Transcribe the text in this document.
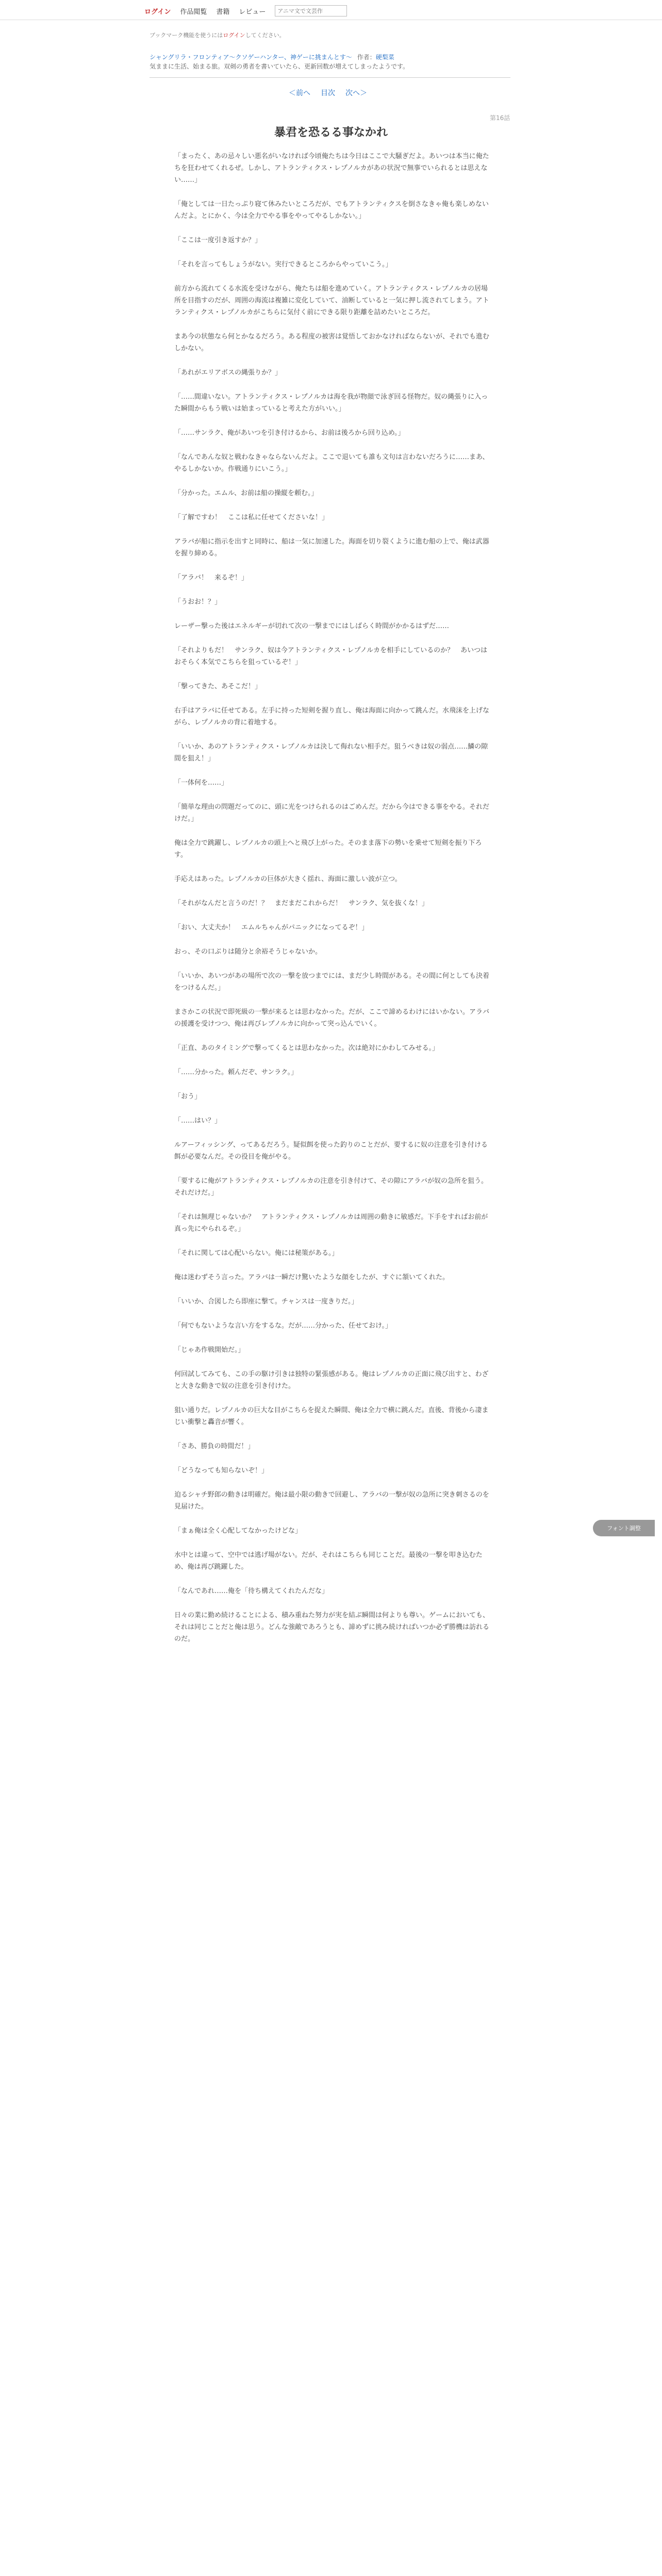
ログイン 作品閲覧 書籍 レビュー
アニマ文で文芸作
ブックマーク機能を使うにはログインしてください。
シャングリラ・フロンティア〜クソゲーハンター、神ゲーに挑まんとす〜 作者：硬梨菜
気ままに生活、始まる旅。双剣の勇者を書いていたら、更新回数が増えてしまったようです。
＜前へ 目次 次へ＞
第16話
暴君を恐るる事なかれ

「まったく、あの忌々しい悪名がいなければ今頃俺たちは今日はここで大騒ぎだよ。あいつは本当に俺たちを狂わせてくれるぜ。しかし、アトランティクス・レプノルカがあの状況で無事でいられるとは思えない……」

「俺としては一日たっぷり寝て休みたいところだが、でもアトランティクスを倒さなきゃ俺も楽しめないんだよ。とにかく、今は全力でやる事をやってやるしかない。」

「ここは一度引き返すか？」

「それを言ってもしょうがない。実行できるところからやっていこう。」

前方から流れてくる水流を受けながら、俺たちは船を進めていく。アトランティクス・レプノルカの居場所を目指すのだが、周囲の海流は複雑に変化していて、油断していると一気に押し流されてしまう。アトランティクス・レプノルカがこちらに気付く前にできる限り距離を詰めたいところだ。

まあ今の状態なら何とかなるだろう。ある程度の被害は覚悟しておかなければならないが、それでも進むしかない。

「あれがエリアボスの縄張りか？」

「……間違いない。アトランティクス・レプノルカは海を我が物顔で泳ぎ回る怪物だ。奴の縄張りに入った瞬間からもう戦いは始まっていると考えた方がいい。」

「……サンラク、俺があいつを引き付けるから、お前は後ろから回り込め。」

「なんであんな奴と戦わなきゃならないんだよ。ここで退いても誰も文句は言わないだろうに……まあ、やるしかないか。作戦通りにいこう。」

「分かった。エムル、お前は船の操縦を頼む。」

「了解ですわ！　ここは私に任せてくださいな！」

アラバが船に指示を出すと同時に、船は一気に加速した。海面を切り裂くように進む船の上で、俺は武器を握り締める。

「アラバ！　来るぞ！」

「うおお！？」

レーザー撃った後はエネルギーが切れて次の一撃までにはしばらく時間がかかるはずだ……

「それよりもだ！　サンラク、奴は今アトランティクス・レプノルカを相手にしているのか？　あいつはおそらく本気でこちらを狙っているぞ！」

「撃ってきた、あそこだ！」

右手はアラバに任せてある。左手に持った短剣を握り直し、俺は海面に向かって跳んだ。水飛沫を上げながら、レプノルカの背に着地する。

「いいか、あのアトランティクス・レプノルカは決して侮れない相手だ。狙うべきは奴の弱点……鱗の隙間を狙え！」

「一体何を……」

「簡単な理由の問題だってのに、頭に光をつけられるのはごめんだ。だから今はできる事をやる。それだけだ。」

俺は全力で跳躍し、レプノルカの頭上へと飛び上がった。そのまま落下の勢いを乗せて短剣を振り下ろす。

手応えはあった。レプノルカの巨体が大きく揺れ、海面に激しい波が立つ。

「それがなんだと言うのだ！？　まだまだこれからだ！　サンラク、気を抜くな！」

「おい、大丈夫か！　エムルちゃんがパニックになってるぞ！」

おっ、その口ぶりは随分と余裕そうじゃないか。

「いいか、あいつがあの場所で次の一撃を放つまでには、まだ少し時間がある。その間に何としても決着をつけるんだ。」

まさかこの状況で即死級の一撃が来るとは思わなかった。だが、ここで諦めるわけにはいかない。アラバの援護を受けつつ、俺は再びレプノルカに向かって突っ込んでいく。

「正直、あのタイミングで撃ってくるとは思わなかった。次は絶対にかわしてみせる。」

「……分かった。頼んだぞ、サンラク。」

「おう」

「……はい？」

ルアーフィッシング、ってあるだろう。疑似餌を使った釣りのことだが、要するに奴の注意を引き付ける餌が必要なんだ。その役目を俺がやる。

「要するに俺がアトランティクス・レプノルカの注意を引き付けて、その隙にアラバが奴の急所を狙う。それだけだ。」

「それは無理じゃないか？　アトランティクス・レプノルカは周囲の動きに敏感だ。下手をすればお前が真っ先にやられるぞ。」

「それに関しては心配いらない。俺には秘策がある。」

俺は迷わずそう言った。アラバは一瞬だけ驚いたような顔をしたが、すぐに頷いてくれた。

「いいか、合図したら即座に撃て。チャンスは一度きりだ。」

「何でもないような言い方をするな。だが……分かった、任せておけ。」

「じゃあ作戦開始だ。」

何回試してみても、この手の駆け引きは独特の緊張感がある。俺はレプノルカの正面に飛び出すと、わざと大きな動きで奴の注意を引き付けた。

狙い通りだ。レプノルカの巨大な目がこちらを捉えた瞬間、俺は全力で横に跳んだ。直後、背後から凄まじい衝撃と轟音が響く。

「さあ、勝負の時間だ！」

「どうなっても知らないぞ！」

迫るシャチ野郎の動きは明確だ。俺は最小限の動きで回避し、アラバの一撃が奴の急所に突き刺さるのを見届けた。

「まぁ俺は全く心配してなかったけどな」

水中とは違って、空中では逃げ場がない。だが、それはこちらも同じことだ。最後の一撃を叩き込むため、俺は再び跳躍した。

「なんであれ……俺を「待ち構えてくれたんだな」

日々の業に勤め続けることによる、積み重ねた努力が実を結ぶ瞬間は何よりも尊い。ゲームにおいても、それは同じことだと俺は思う。どんな強敵であろうとも、諦めずに挑み続ければいつか必ず勝機は訪れるのだ。

フォント調整
